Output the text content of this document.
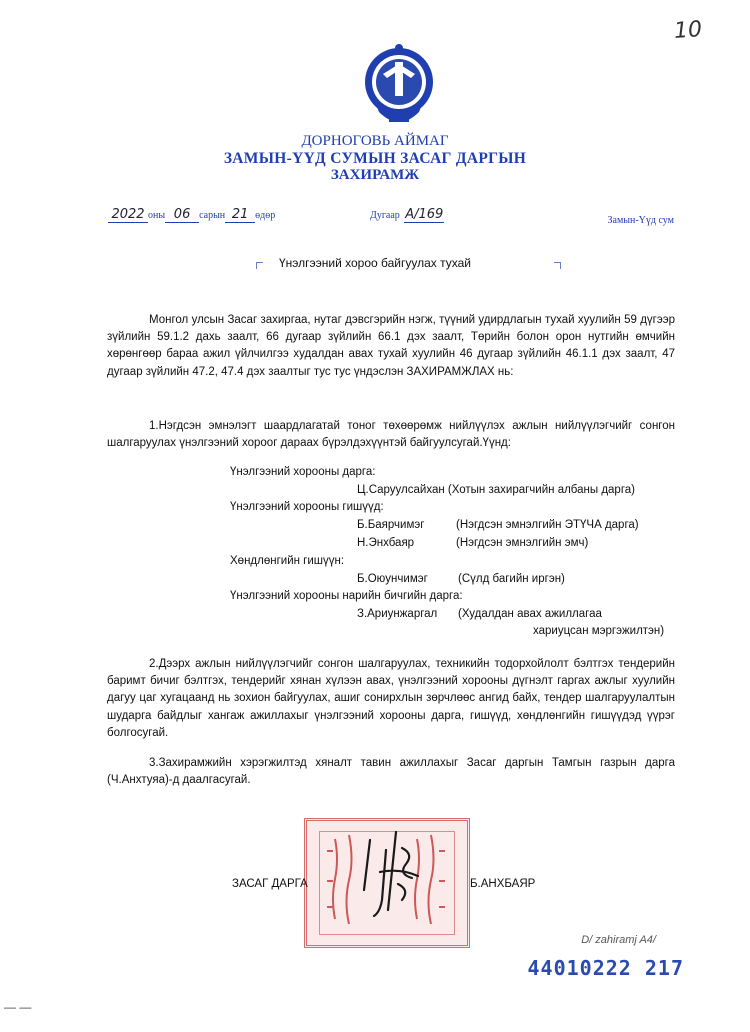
10
ДОРНОГОВЬ АЙМАГ
ЗАМЫН-ҮҮД СУМЫН ЗАСАГ ДАРГЫН
ЗАХИРАМЖ
2022 оны 06 сарын 21 өдөр	Дугаар А/169	Замын-Үүд сум
Үнэлгээний хороо байгуулах тухай

Монгол улсын Засаг захиргаа, нутаг дэвсгэрийн нэгж, түүний удирдлагын тухай хуулийн 59 дүгээр зүйлийн 59.1.2 дахь заалт, 66 дугаар зүйлийн 66.1 дэх заалт, Төрийн болон орон нутгийн өмчийн хөрөнгөөр бараа ажил үйлчилгээ худалдан авах тухай хуулийн 46 дугаар зүйлийн 46.1.1 дэх заалт, 47 дугаар зүйлийн 47.2, 47.4 дэх заалтыг тус тус үндэслэн ЗАХИРАМЖЛАХ нь:

1.Нэгдсэн эмнэлэгт шаардлагатай тоног төхөөрөмж нийлүүлэх ажлын нийлүүлэгчийг сонгон шалгаруулах үнэлгээний хороог дараах бүрэлдэхүүнтэй байгуулсугай.Үүнд:

Үнэлгээний хорооны дарга:
Ц.Саруулсайхан (Хотын захирагчийн албаны дарга)
Үнэлгээний хорооны гишүүд:
Б.Баярчимэг	(Нэгдсэн эмнэлгийн ЭТҮЧА дарга)
Н.Энхбаяр	(Нэгдсэн эмнэлгийн эмч)
Хөндлөнгийн гишүүн:
Б.Оюунчимэг	(Сүлд багийн иргэн)
Үнэлгээний хорооны нарийн бичгийн дарга:
З.Ариунжаргал (Худалдан авах ажиллагаа
хариуцсан мэргэжилтэн)

2.Дээрх ажлын нийлүүлэгчийг сонгон шалгаруулах, техникийн тодорхойлолт бэлтгэх тендерийн баримт бичиг бэлтгэх, тендерийг хянан хүлээн авах, үнэлгээний хорооны дүгнэлт гаргах ажлыг хуулийн дагуу цаг хугацаанд нь зохион байгуулах, ашиг сонирхлын зөрчлөөс ангид байх, тендер шалгаруулалтын шударга байдлыг хангаж ажиллахыг үнэлгээний хорооны дарга, гишүүд, хөндлөнгийн гишүүдэд үүрэг болгосугай.

3.Захирамжийн хэрэгжилтэд хяналт тавин ажиллахыг Засаг даргын Тамгын газрын дарга (Ч.Анхтуяа)-д даалгасугай.

ЗАСАГ ДАРГА	Б.АНХБАЯР
D/ zahiramj A4/
44010222 217
— —
